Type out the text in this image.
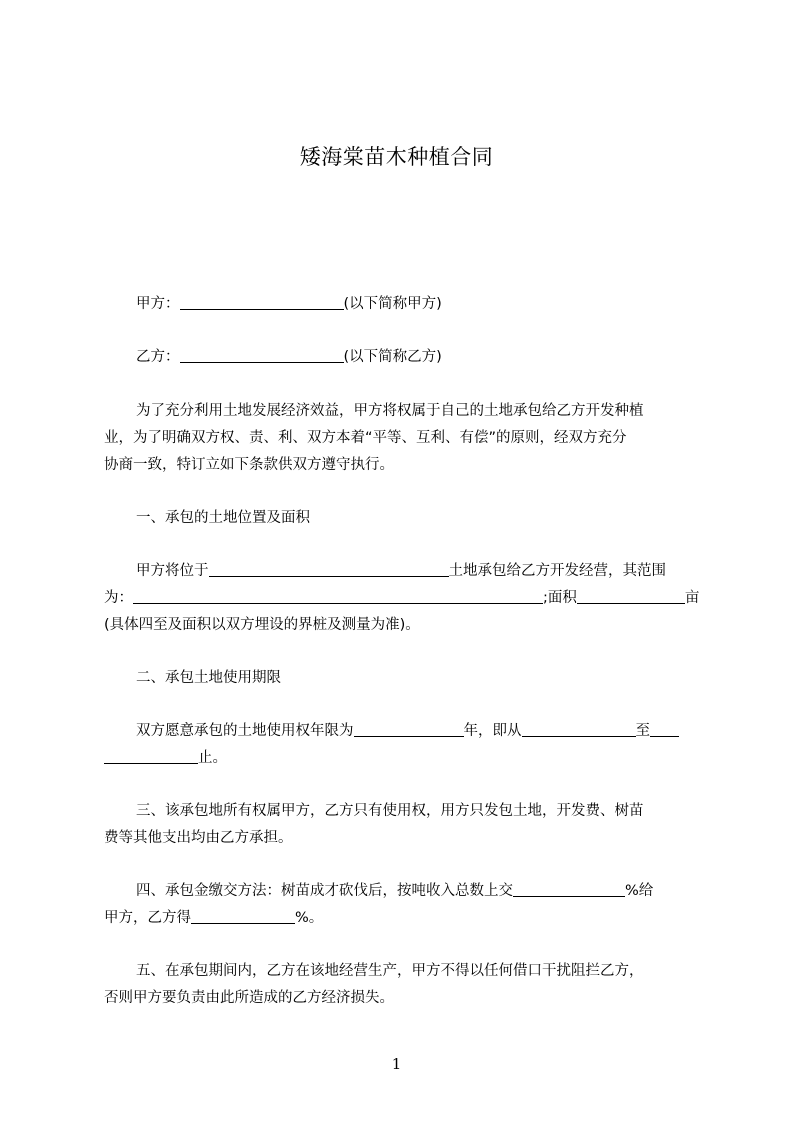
矮海棠苗木种植合同
甲方：	(以下简称甲方)
乙方：	(以下简称乙方)
为了充分利用土地发展经济效益，甲方将权属于自己的土地承包给乙方开发种植
业，为了明确双方权、责、利、双方本着“平等、互利、有偿”的原则，经双方充分
协商一致，特订立如下条款供双方遵守执行。
一、承包的土地位置及面积
甲方将位于	土地承包给乙方开发经营，其范围
为：	;面积	亩
(具体四至及面积以双方埋设的界桩及测量为准)。
二、承包土地使用期限
双方愿意承包的土地使用权年限为	年，即从	至
止。
三、该承包地所有权属甲方，乙方只有使用权，用方只发包土地，开发费、树苗
费等其他支出均由乙方承担。
四、承包金缴交方法：树苗成才砍伐后，按吨收入总数上交	%给
甲方，乙方得	%。
五、在承包期间内，乙方在该地经营生产，甲方不得以任何借口干扰阻拦乙方，
否则甲方要负责由此所造成的乙方经济损失。
1
